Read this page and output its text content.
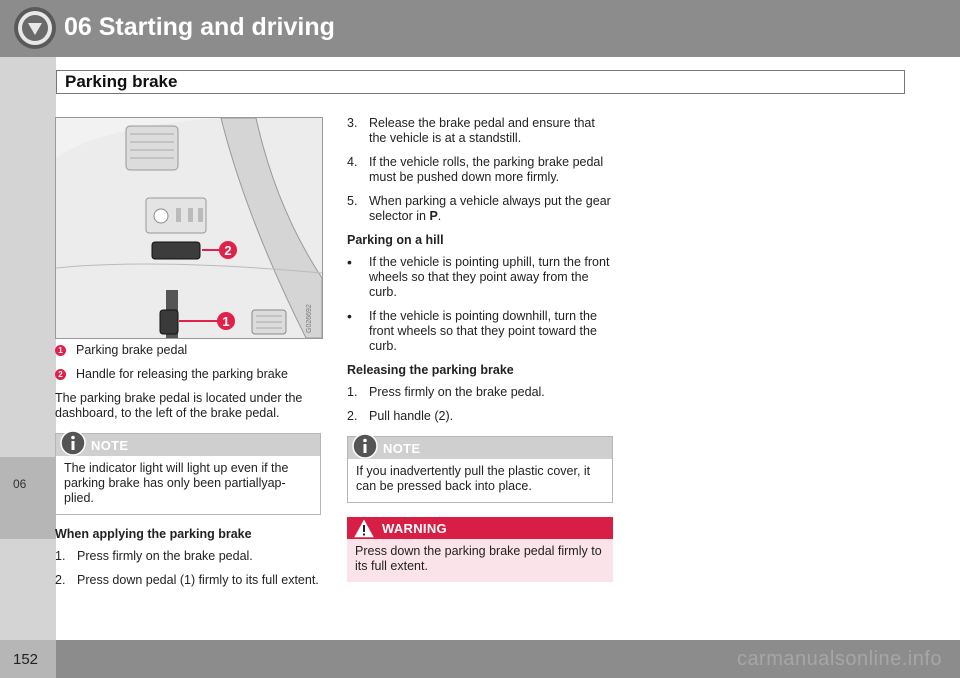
06 Starting and driving
Parking brake
06
2
1	G026692
1 Parking brake pedal
2 Handle for releasing the parking brake

The parking brake pedal is located under the dashboard, to the left of the brake pedal.

NOTE
The indicator light will light up even if the parking brake has only been partiallyap-plied.
When applying the parking brake
1. Press firmly on the brake pedal.
2. Press down pedal (1) firmly to its full extent.
3. Release the brake pedal and ensure that the vehicle is at a standstill.
4. If the vehicle rolls, the parking brake pedal must be pushed down more firmly.
5. When parking a vehicle always put the gear selector in P.
Parking on a hill
•	If the vehicle is pointing uphill, turn the front wheels so that they point away from the curb.
•	If the vehicle is pointing downhill, turn the front wheels so that they point toward the curb.
Releasing the parking brake
1. Press firmly on the brake pedal.
2. Pull handle (2).
NOTE
If you inadvertently pull the plastic cover, it can be pressed back into place.
WARNING
Press down the parking brake pedal firmly to its full extent.
152	carmanualsonline.info
